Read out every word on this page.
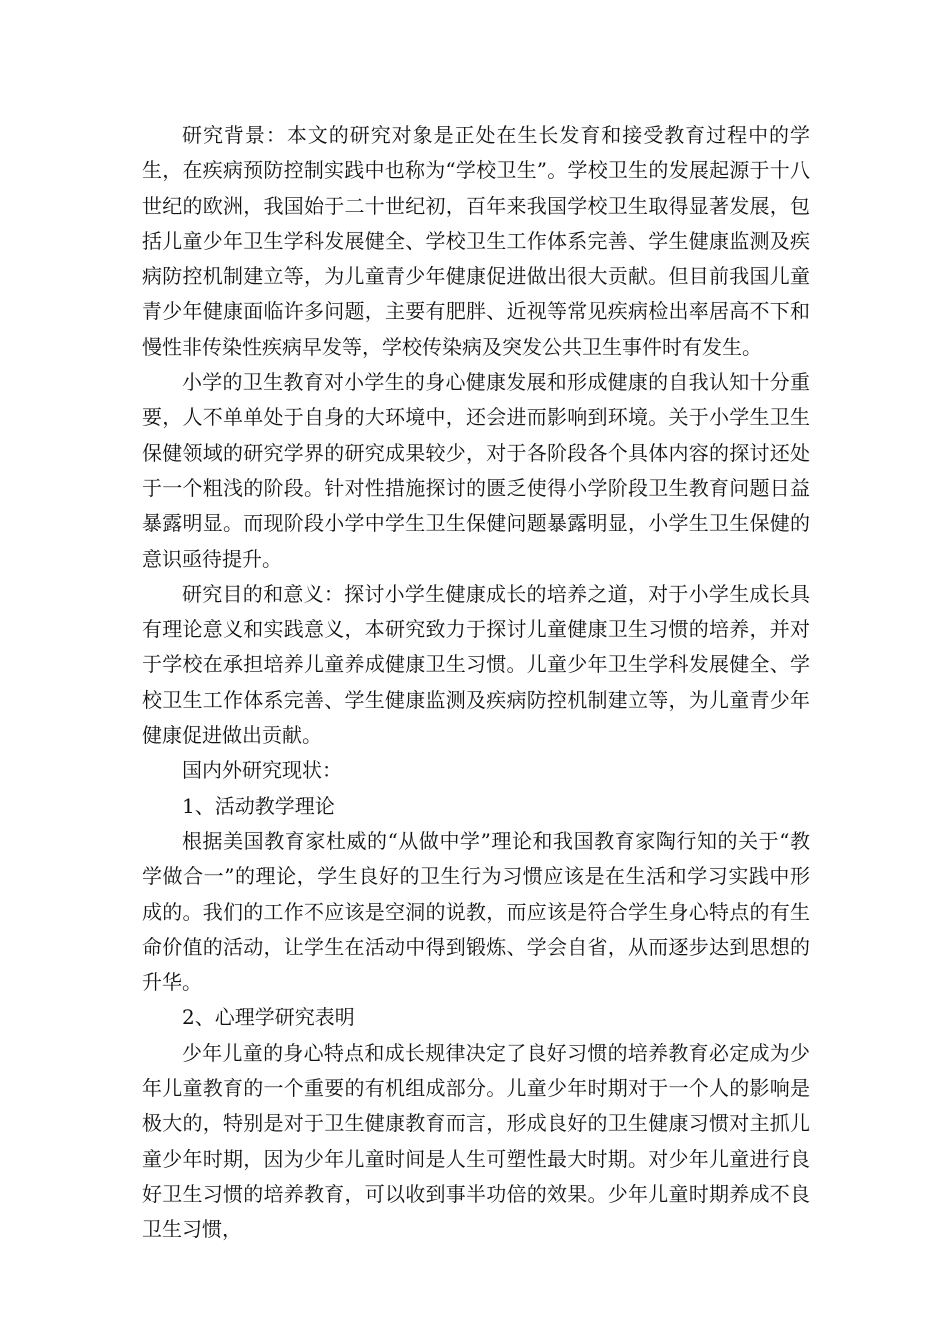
研究背景：本文的研究对象是正处在生长发育和接受教育过程中的学生，在疾病预防控制实践中也称为“学校卫生”。学校卫生的发展起源于十八世纪的欧洲，我国始于二十世纪初，百年来我国学校卫生取得显著发展，包括儿童少年卫生学科发展健全、学校卫生工作体系完善、学生健康监测及疾病防控机制建立等，为儿童青少年健康促进做出很大贡献。但目前我国儿童青少年健康面临许多问题，主要有肥胖、近视等常见疾病检出率居高不下和慢性非传染性疾病早发等，学校传染病及突发公共卫生事件时有发生。

小学的卫生教育对小学生的身心健康发展和形成健康的自我认知十分重要，人不单单处于自身的大环境中，还会进而影响到环境。关于小学生卫生保健领域的研究学界的研究成果较少，对于各阶段各个具体内容的探讨还处于一个粗浅的阶段。针对性措施探讨的匮乏使得小学阶段卫生教育问题日益暴露明显。而现阶段小学中学生卫生保健问题暴露明显，小学生卫生保健的意识亟待提升。

研究目的和意义：探讨小学生健康成长的培养之道，对于小学生成长具有理论意义和实践意义，本研究致力于探讨儿童健康卫生习惯的培养，并对于学校在承担培养儿童养成健康卫生习惯。儿童少年卫生学科发展健全、学校卫生工作体系完善、学生健康监测及疾病防控机制建立等，为儿童青少年健康促进做出贡献。

国内外研究现状：

1、活动教学理论

根据美国教育家杜威的“从做中学”理论和我国教育家陶行知的关于“教学做合一”的理论，学生良好的卫生行为习惯应该是在生活和学习实践中形成的。我们的工作不应该是空洞的说教，而应该是符合学生身心特点的有生命价值的活动，让学生在活动中得到锻炼、学会自省，从而逐步达到思想的升华。

2、心理学研究表明

少年儿童的身心特点和成长规律决定了良好习惯的培养教育必定成为少年儿童教育的一个重要的有机组成部分。儿童少年时期对于一个人的影响是极大的，特别是对于卫生健康教育而言，形成良好的卫生健康习惯对主抓儿童少年时期，因为少年儿童时间是人生可塑性最大时期。对少年儿童进行良好卫生习惯的培养教育，可以收到事半功倍的效果。少年儿童时期养成不良卫生习惯，
